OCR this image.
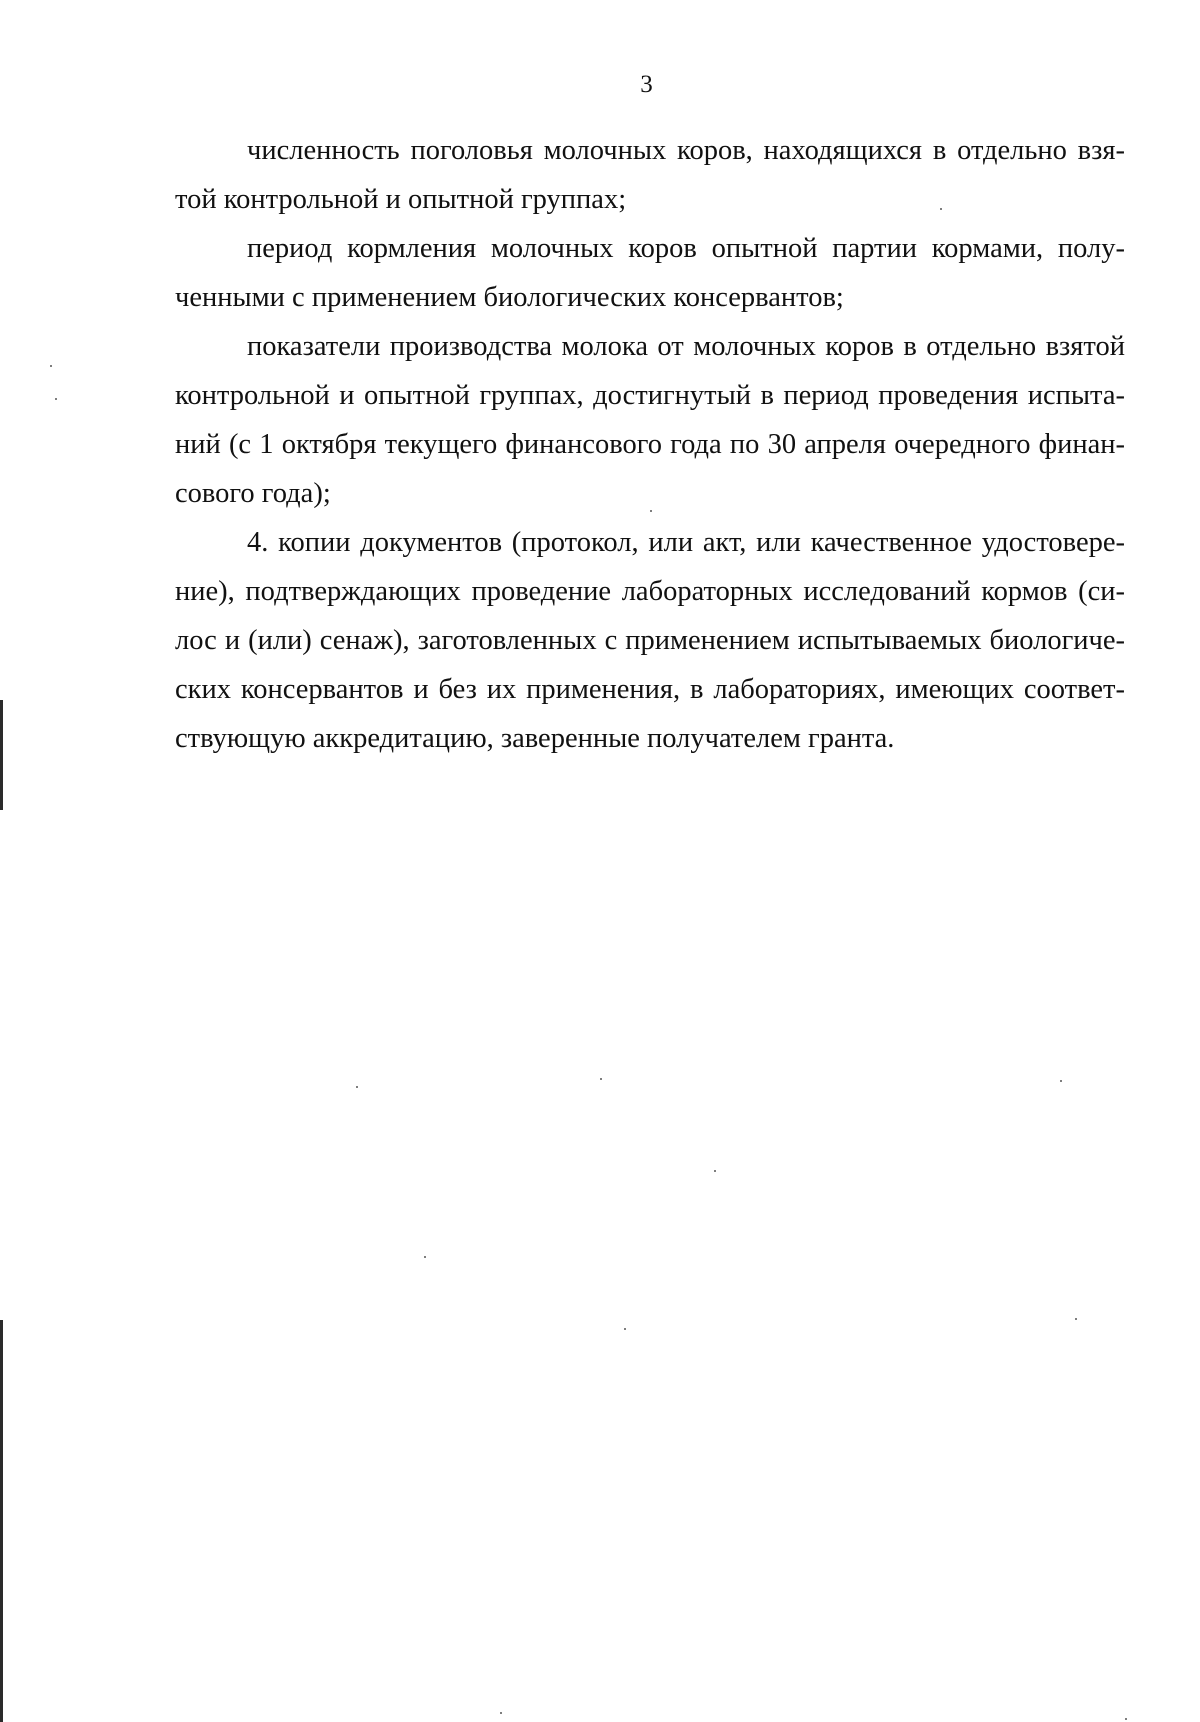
3

численность поголовья молочных коров, находящихся в отдельно взя-
той контрольной и опытной группах;

период кормления молочных коров опытной партии кормами, полу-
ченными с применением биологических консервантов;

показатели производства молока от молочных коров в отдельно взятой
контрольной и опытной группах, достигнутый в период проведения испыта-
ний (с 1 октября текущего финансового года по 30 апреля очередного финан-
сового года);

4. копии документов (протокол, или акт, или качественное удостовере-
ние), подтверждающих проведение лабораторных исследований кормов (си-
лос и (или) сенаж), заготовленных с применением испытываемых биологиче-
ских консервантов и без их применения, в лабораториях, имеющих соответ-
ствующую аккредитацию, заверенные получателем гранта.
